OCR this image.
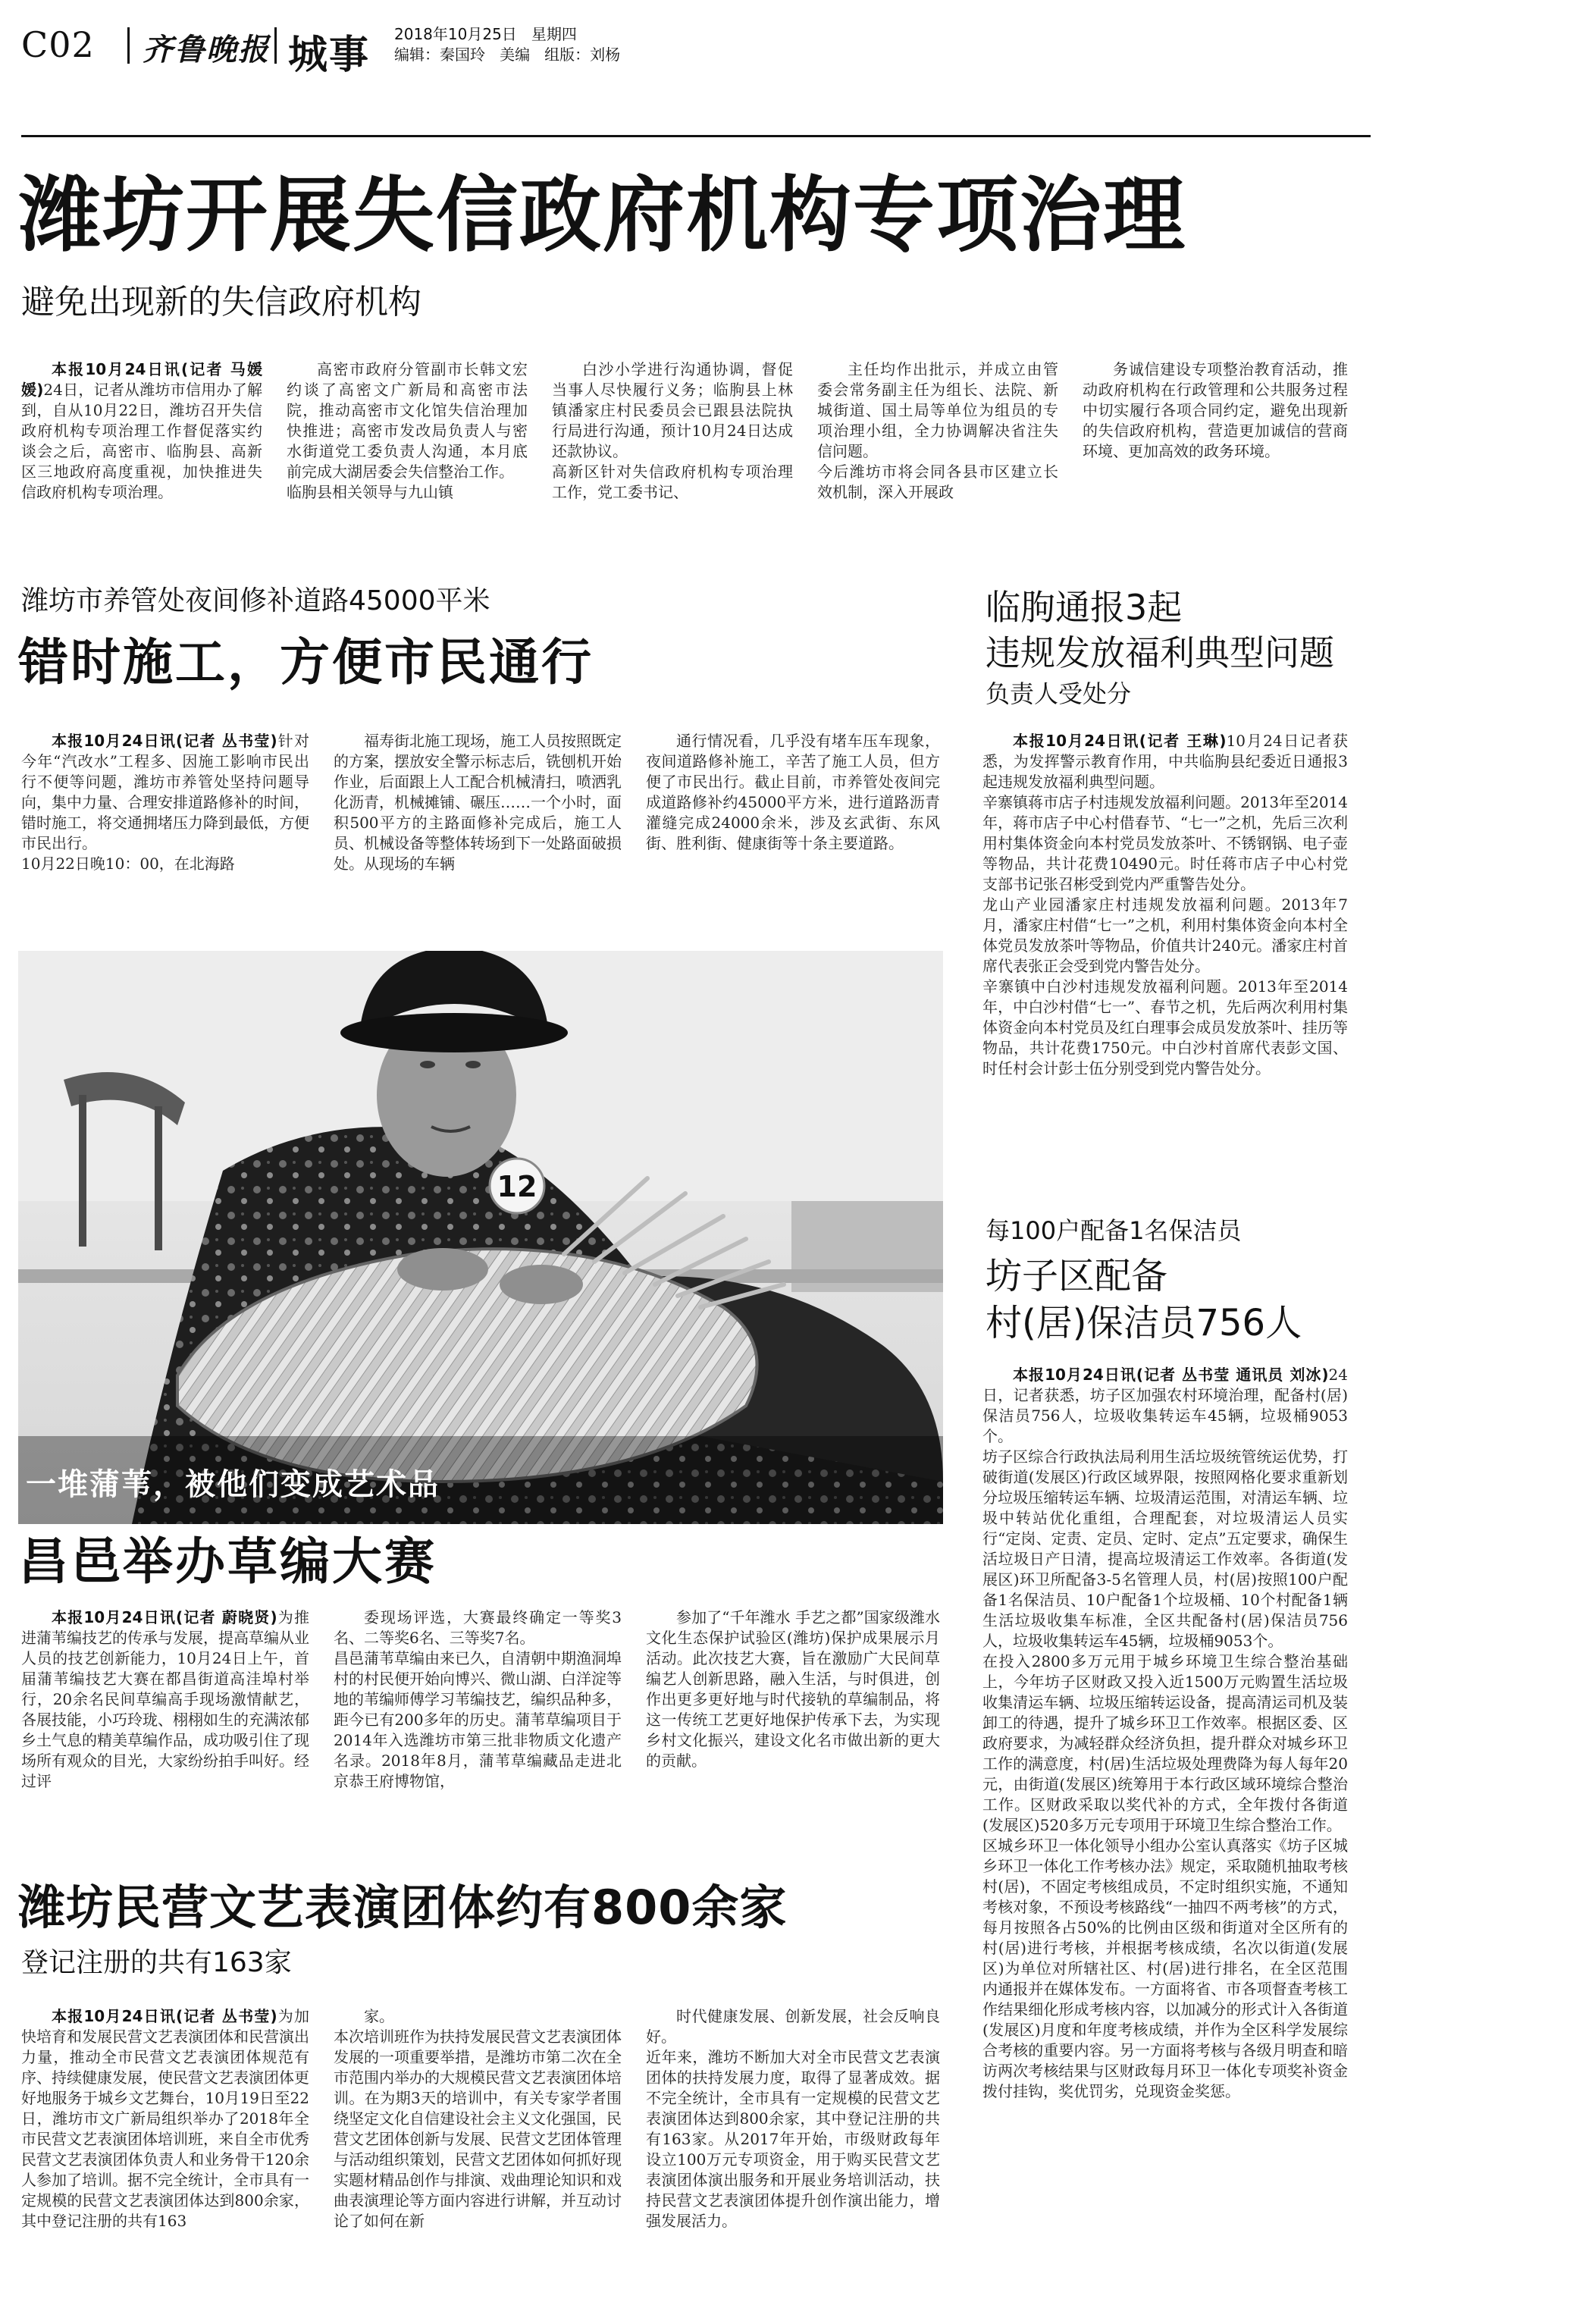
C02 齐鲁晚报 城事 2018年10月25日   星期四
编辑：秦国玲   美编   组版：刘杨
潍坊开展失信政府机构专项治理
避免出现新的失信政府机构
本报10月24日讯(记者 马媛媛)24日，记者从潍坊市信用办了解到，自从10月22日，潍坊召开失信政府机构专项治理工作督促落实约谈会之后，高密市、临朐县、高新区三地政府高度重视，加快推进失信政府机构专项治理。
高密市政府分管副市长韩文宏约谈了高密文广新局和高密市法院，推动高密市文化馆失信治理加快推进；高密市发改局负责人与密水街道党工委负责人沟通，本月底前完成大湖居委会失信整治工作。
临朐县相关领导与九山镇
白沙小学进行沟通协调，督促当事人尽快履行义务；临朐县上林镇潘家庄村民委员会已跟县法院执行局进行沟通，预计10月24日达成还款协议。
高新区针对失信政府机构专项治理工作，党工委书记、
主任均作出批示，并成立由管委会常务副主任为组长、法院、新城街道、国土局等单位为组员的专项治理小组，全力协调解决省注失信问题。
今后潍坊市将会同各县市区建立长效机制，深入开展政
务诚信建设专项整治教育活动，推动政府机构在行政管理和公共服务过程中切实履行各项合同约定，避免出现新的失信政府机构，营造更加诚信的营商环境、更加高效的政务环境。
潍坊市养管处夜间修补道路45000平米
错时施工，方便市民通行
本报10月24日讯(记者 丛书莹)针对今年“汽改水”工程多、因施工影响市民出行不便等问题，潍坊市养管处坚持问题导向，集中力量、合理安排道路修补的时间，错时施工，将交通拥堵压力降到最低，方便市民出行。
10月22日晚10：00，在北海路
福寿街北施工现场，施工人员按照既定的方案，摆放安全警示标志后，铣刨机开始作业，后面跟上人工配合机械清扫，喷洒乳化沥青，机械摊铺、碾压……一个小时，面积500平方的主路面修补完成后，施工人员、机械设备等整体转场到下一处路面破损处。从现场的车辆
通行情况看，几乎没有堵车压车现象，夜间道路修补施工，辛苦了施工人员，但方便了市民出行。截止目前，市养管处夜间完成道路修补约45000平方米，进行道路沥青灌缝完成24000余米，涉及玄武街、东风街、胜利街、健康街等十条主要道路。
临朐通报3起
违规发放福利典型问题
负责人受处分
本报10月24日讯(记者 王琳)10月24日记者获悉，为发挥警示教育作用，中共临朐县纪委近日通报3起违规发放福利典型问题。
辛寨镇蒋市店子村违规发放福利问题。2013年至2014年，蒋市店子中心村借春节、“七一”之机，先后三次利用村集体资金向本村党员发放茶叶、不锈钢锅、电子壶等物品，共计花费10490元。时任蒋市店子中心村党支部书记张召彬受到党内严重警告处分。
龙山产业园潘家庄村违规发放福利问题。2013年7月，潘家庄村借“七一”之机，利用村集体资金向本村全体党员发放茶叶等物品，价值共计240元。潘家庄村首席代表张正会受到党内警告处分。
辛寨镇中白沙村违规发放福利问题。2013年至2014年，中白沙村借“七一”、春节之机，先后两次利用村集体资金向本村党员及红白理事会成员发放茶叶、挂历等物品，共计花费1750元。中白沙村首席代表彭文国、时任村会计彭士伍分别受到党内警告处分。
每100户配备1名保洁员
坊子区配备
村(居)保洁员756人
本报10月24日讯(记者 丛书莹 通讯员 刘冰)24日，记者获悉，坊子区加强农村环境治理，配备村(居)保洁员756人，垃圾收集转运车45辆，垃圾桶9053个。
坊子区综合行政执法局利用生活垃圾统管统运优势，打破街道(发展区)行政区域界限，按照网格化要求重新划分垃圾压缩转运车辆、垃圾清运范围，对清运车辆、垃圾中转站优化重组，合理配套，对垃圾清运人员实行“定岗、定责、定员、定时、定点”五定要求，确保生活垃圾日产日清，提高垃圾清运工作效率。各街道(发展区)环卫所配备3-5名管理人员，村(居)按照100户配备1名保洁员、10户配备1个垃圾桶、10个村配备1辆生活垃圾收集车标准，全区共配备村(居)保洁员756人，垃圾收集转运车45辆，垃圾桶9053个。
在投入2800多万元用于城乡环境卫生综合整治基础上，今年坊子区财政又投入近1500万元购置生活垃圾收集清运车辆、垃圾压缩转运设备，提高清运司机及装卸工的待遇，提升了城乡环卫工作效率。根据区委、区政府要求，为减轻群众经济负担，提升群众对城乡环卫工作的满意度，村(居)生活垃圾处理费降为每人每年20元，由街道(发展区)统筹用于本行政区域环境综合整治工作。区财政采取以奖代补的方式，全年拨付各街道(发展区)520多万元专项用于环境卫生综合整治工作。
区城乡环卫一体化领导小组办公室认真落实《坊子区城乡环卫一体化工作考核办法》规定，采取随机抽取考核村(居)，不固定考核组成员，不定时组织实施，不通知考核对象，不预设考核路线“一抽四不两考核”的方式，每月按照各占50%的比例由区级和街道对全区所有的村(居)进行考核，并根据考核成绩，名次以街道(发展区)为单位对所辖社区、村(居)进行排名，在全区范围内通报并在媒体发布。一方面将省、市各项督查考核工作结果细化形成考核内容，以加减分的形式计入各街道(发展区)月度和年度考核成绩，并作为全区科学发展综合考核的重要内容。另一方面将考核与各级月明查和暗访两次考核结果与区财政每月环卫一体化专项奖补资金拨付挂钩，奖优罚劣，兑现资金奖惩。
12
一堆蒲苇，被他们变成艺术品
昌邑举办草编大赛
本报10月24日讯(记者 蔚晓贤)为推进蒲苇编技艺的传承与发展，提高草编从业人员的技艺创新能力，10月24日上午，首届蒲苇编技艺大赛在都昌街道高洼埠村举行，20余名民间草编高手现场激情献艺，各展技能，小巧玲珑、栩栩如生的充满浓郁乡土气息的精美草编作品，成功吸引住了现场所有观众的目光，大家纷纷拍手叫好。经过评
委现场评选，大赛最终确定一等奖3名、二等奖6名、三等奖7名。
昌邑蒲苇草编由来已久，自清朝中期渔洞埠村的村民便开始向博兴、微山湖、白洋淀等地的苇编师傅学习苇编技艺，编织品种多，距今已有200多年的历史。蒲苇草编项目于2014年入选潍坊市第三批非物质文化遗产名录。2018年8月，蒲苇草编藏品走进北京恭王府博物馆，
参加了“千年潍水 手艺之都”国家级潍水文化生态保护试验区(潍坊)保护成果展示月活动。此次技艺大赛，旨在激励广大民间草编艺人创新思路，融入生活，与时俱进，创作出更多更好地与时代接轨的草编制品，将这一传统工艺更好地保护传承下去，为实现乡村文化振兴，建设文化名市做出新的更大的贡献。
潍坊民营文艺表演团体约有800余家
登记注册的共有163家
本报10月24日讯(记者 丛书莹)为加快培育和发展民营文艺表演团体和民营演出力量，推动全市民营文艺表演团体规范有序、持续健康发展，使民营文艺表演团体更好地服务于城乡文艺舞台，10月19日至22日，潍坊市文广新局组织举办了2018年全市民营文艺表演团体培训班，来自全市优秀民营文艺表演团体负责人和业务骨干120余人参加了培训。据不完全统计，全市具有一定规模的民营文艺表演团体达到800余家，其中登记注册的共有163
家。
本次培训班作为扶持发展民营文艺表演团体发展的一项重要举措，是潍坊市第二次在全市范围内举办的大规模民营文艺表演团体培训。在为期3天的培训中，有关专家学者围绕坚定文化自信建设社会主义文化强国，民营文艺团体创新与发展、民营文艺团体管理与活动组织策划，民营文艺团体如何抓好现实题材精品创作与排演、戏曲理论知识和戏曲表演理论等方面内容进行讲解，并互动讨论了如何在新
时代健康发展、创新发展，社会反响良好。
近年来，潍坊不断加大对全市民营文艺表演团体的扶持发展力度，取得了显著成效。据不完全统计，全市具有一定规模的民营文艺表演团体达到800余家，其中登记注册的共有163家。从2017年开始，市级财政每年设立100万元专项资金，用于购买民营文艺表演团体演出服务和开展业务培训活动，扶持民营文艺表演团体提升创作演出能力，增强发展活力。
